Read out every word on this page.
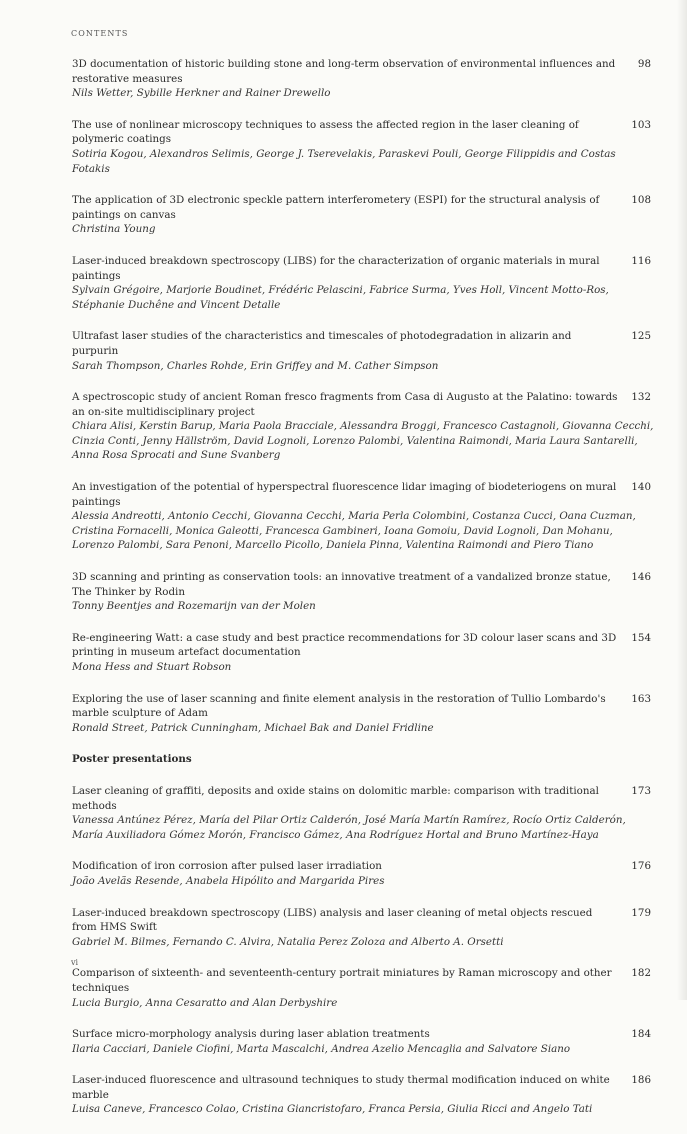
CONTENTS
98
3D documentation of historic building stone and long-term observation of environmental influences and restorative measures
Nils Wetter, Sybille Herkner and Rainer Drewello
103
The use of nonlinear microscopy techniques to assess the affected region in the laser cleaning of polymeric coatings
Sotiria Kogou, Alexandros Selimis, George J. Tserevelakis, Paraskevi Pouli, George Filippidis and Costas Fotakis
108
The application of 3D electronic speckle pattern interferometery (ESPI) for the structural analysis of paintings on canvas
Christina Young
116
Laser-induced breakdown spectroscopy (LIBS) for the characterization of organic materials in mural paintings
Sylvain Grégoire, Marjorie Boudinet, Frédéric Pelascini, Fabrice Surma, Yves Holl, Vincent Motto-Ros, Stéphanie Duchêne and Vincent Detalle
125
Ultrafast laser studies of the characteristics and timescales of photodegradation in alizarin and purpurin
Sarah Thompson, Charles Rohde, Erin Griffey and M. Cather Simpson
132
A spectroscopic study of ancient Roman fresco fragments from Casa di Augusto at the Palatino: towards an on-site multidisciplinary project
Chiara Alisi, Kerstin Barup, Maria Paola Bracciale, Alessandra Broggi, Francesco Castagnoli, Giovanna Cecchi, Cinzia Conti, Jenny Hällström, David Lognoli, Lorenzo Palombi, Valentina Raimondi, Maria Laura Santarelli, Anna Rosa Sprocati and Sune Svanberg
140
An investigation of the potential of hyperspectral fluorescence lidar imaging of biodeteriogens on mural paintings
Alessia Andreotti, Antonio Cecchi, Giovanna Cecchi, Maria Perla Colombini, Costanza Cucci, Oana Cuzman, Cristina Fornacelli, Monica Galeotti, Francesca Gambineri, Ioana Gomoiu, David Lognoli, Dan Mohanu, Lorenzo Palombi, Sara Penoni, Marcello Picollo, Daniela Pinna, Valentina Raimondi and Piero Tiano
146
3D scanning and printing as conservation tools: an innovative treatment of a vandalized bronze statue, The Thinker by Rodin
Tonny Beentjes and Rozemarijn van der Molen
154
Re-engineering Watt: a case study and best practice recommendations for 3D colour laser scans and 3D printing in museum artefact documentation
Mona Hess and Stuart Robson
163
Exploring the use of laser scanning and finite element analysis in the restoration of Tullio Lombardo's marble sculpture of Adam
Ronald Street, Patrick Cunningham, Michael Bak and Daniel Fridline
Poster presentations
173
Laser cleaning of graffiti, deposits and oxide stains on dolomitic marble: comparison with traditional methods
Vanessa Antúnez Pérez, María del Pilar Ortiz Calderón, José María Martín Ramírez, Rocío Ortiz Calderón, María Auxiliadora Gómez Morón, Francisco Gámez, Ana Rodríguez Hortal and Bruno Martínez-Haya
176
Modification of iron corrosion after pulsed laser irradiation
João Avelãs Resende, Anabela Hipólito and Margarida Pires
179
Laser-induced breakdown spectroscopy (LIBS) analysis and laser cleaning of metal objects rescued from HMS Swift
Gabriel M. Bilmes, Fernando C. Alvira, Natalia Perez Zoloza and Alberto A. Orsetti
182
Comparison of sixteenth- and seventeenth-century portrait miniatures by Raman microscopy and other techniques
Lucia Burgio, Anna Cesaratto and Alan Derbyshire
184
Surface micro-morphology analysis during laser ablation treatments
Ilaria Cacciari, Daniele Ciofini, Marta Mascalchi, Andrea Azelio Mencaglia and Salvatore Siano
186
Laser-induced fluorescence and ultrasound techniques to study thermal modification induced on white marble
Luisa Caneve, Francesco Colao, Cristina Giancristofaro, Franca Persia, Giulia Ricci and Angelo Tati
vi
